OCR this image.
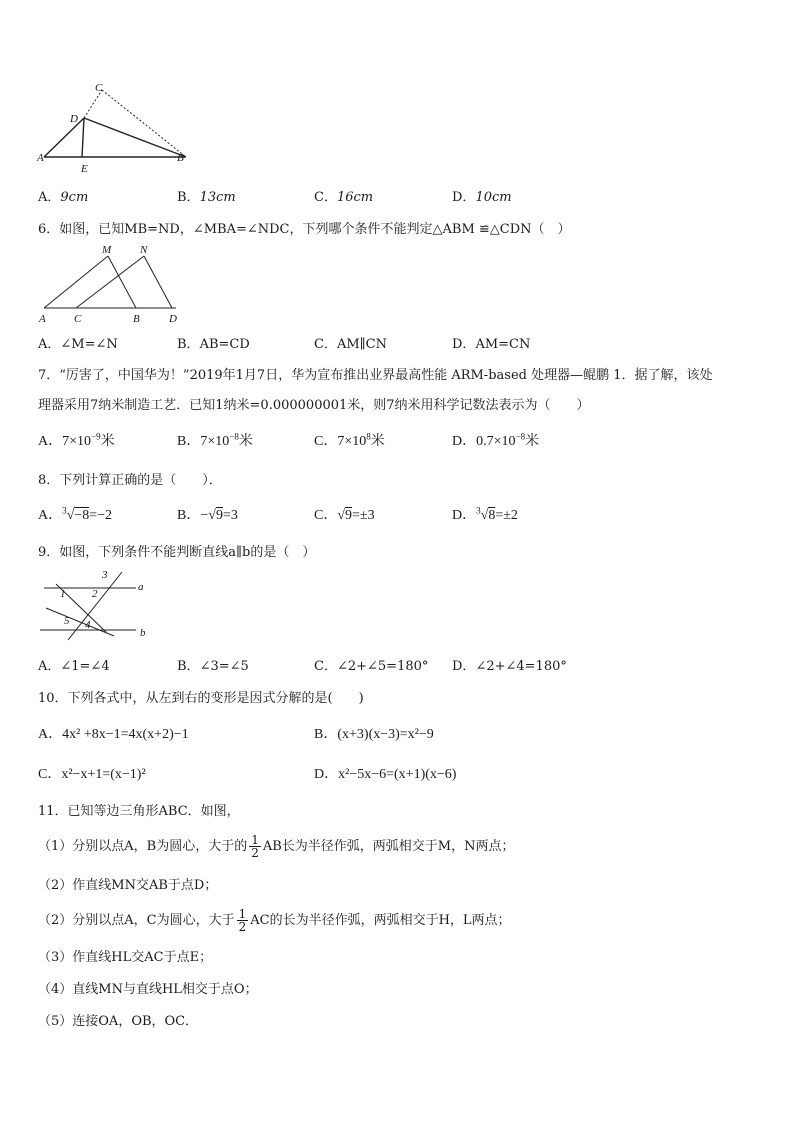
C
D
A
E
B
A．9cm	B．13cm	C．16cm	D．10cm
6．如图，已知MB=ND，∠MBA=∠NDC，下列哪个条件不能判定△ABM ≌△CDN（　）
M	N
A	C	B	D
A．∠M=∠N	B．AB=CD	C．AM∥CN	D．AM=CN
7．“厉害了，中国华为！”2019年1月7日，华为宣布推出业界最高性能 ARM-based 处理器—鲲鹏 1．据了解，该处
理器采用7纳米制造工艺．已知1纳米=0.000000001米，则7纳米用科学记数法表示为（　　）
A．$7\times 10^{-9}$米	B．$7\times 10^{-8}$米	C．$7\times 10^8$米	D．$0.7\times 10^{-8}$米
8．下列计算正确的是（　　）．
A．$^3$√−8=−2	B．−√9=3	C．√9=±3	D．$^3$√8=±2
9．如图，下列条件不能判断直线a∥b的是（　）
a
b
1 2
3
4
5
A．∠1=∠4	B．∠3=∠5	C．∠2+∠5=180° D．∠2+∠4=180°
10．下列各式中，从左到右的变形是因式分解的是(　　)
A．4x² +8x−1=4x(x+2)−1	B．(x+3)(x−3)=x²−9
C．x²−x+1=(x−1)²	D．x²−5x−6=(x+1)(x−6)
11．已知等边三角形ABC．如图，
（1）分别以点A，B为圆心，大于的 $\frac{1}{2}$ AB长为半径作弧，两弧相交于M，N两点；
（2）作直线MN交AB于点D；
（2）分别以点A，C为圆心，大于 $\frac{1}{2}$ AC的长为半径作弧，两弧相交于H，L两点；
（3）作直线HL交AC于点E；
（4）直线MN与直线HL相交于点O；
（5）连接OA，OB，OC．
